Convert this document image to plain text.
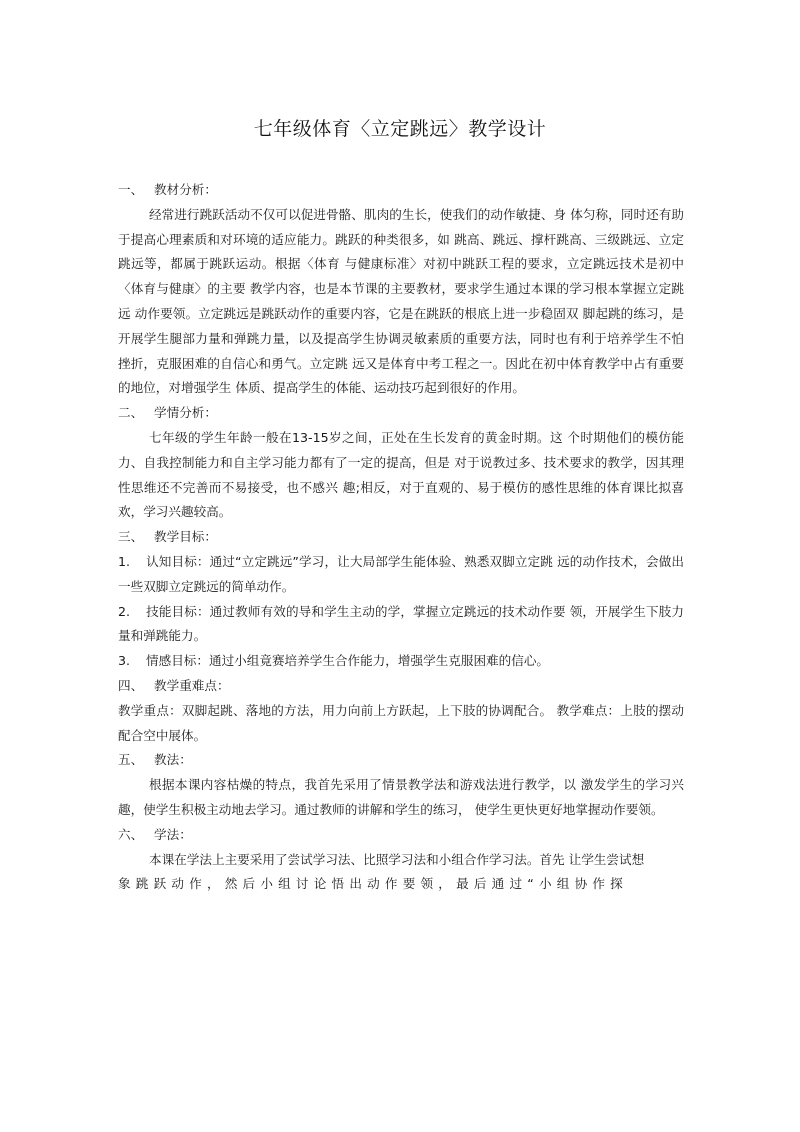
七年级体育〈立定跳远〉教学设计
一、 教材分析：

经常进行跳跃活动不仅可以促进骨骼、肌肉的生长，使我们的动作敏捷、身 体匀称，同时还有助于提高心理素质和对环境的适应能力。跳跃的种类很多，如 跳高、跳远、撑杆跳高、三级跳远、立定跳远等，都属于跳跃运动。根据〈体育 与健康标准〉对初中跳跃工程的要求，立定跳远技术是初中〈体育与健康〉的主要 教学内容，也是本节课的主要教材，要求学生通过本课的学习根本掌握立定跳远 动作要领。立定跳远是跳跃动作的重要内容，它是在跳跃的根底上进一步稳固双 脚起跳的练习，是开展学生腿部力量和弹跳力量，以及提高学生协调灵敏素质的重要方法，同时也有利于培养学生不怕挫折，克服困难的自信心和勇气。立定跳 远又是体育中考工程之一。因此在初中体育教学中占有重要的地位，对增强学生 体质、提高学生的体能、运动技巧起到很好的作用。

二、 学情分析：

七年级的学生年龄一般在13-15岁之间，正处在生长发育的黄金时期。这 个时期他们的模仿能力、自我控制能力和自主学习能力都有了一定的提高，但是 对于说教过多、技术要求的教学，因其理性思维还不完善而不易接受，也不感兴 趣;相反，对于直观的、易于模仿的感性思维的体育课比拟喜欢，学习兴趣较高。

三、 教学目标：

1. 认知目标：通过“立定跳远”学习，让大局部学生能体验、熟悉双脚立定跳 远的动作技术，会做出一些双脚立定跳远的简单动作。

2. 技能目标：通过教师有效的导和学生主动的学，掌握立定跳远的技术动作要 领，开展学生下肢力量和弹跳能力。

3. 情感目标：通过小组竟赛培养学生合作能力，增强学生克服困难的信心。

四、 教学重难点：

教学重点：双脚起跳、落地的方法，用力向前上方跃起，上下肢的协调配合。 教学难点：上肢的摆动配合空中展体。

五、 教法：

根据本课内容枯燥的特点，我首先采用了情景教学法和游戏法进行教学，以 激发学生的学习兴趣，使学生积极主动地去学习。通过教师的讲解和学生的练习， 使学生更快更好地掌握动作要领。

六、 学法：

本课在学法上主要采用了尝试学习法、比照学习法和小组合作学习法。首先 让学生尝试想

象跳跃动作，然后小组讨论悟出动作要领，最后通过“小组协作探
